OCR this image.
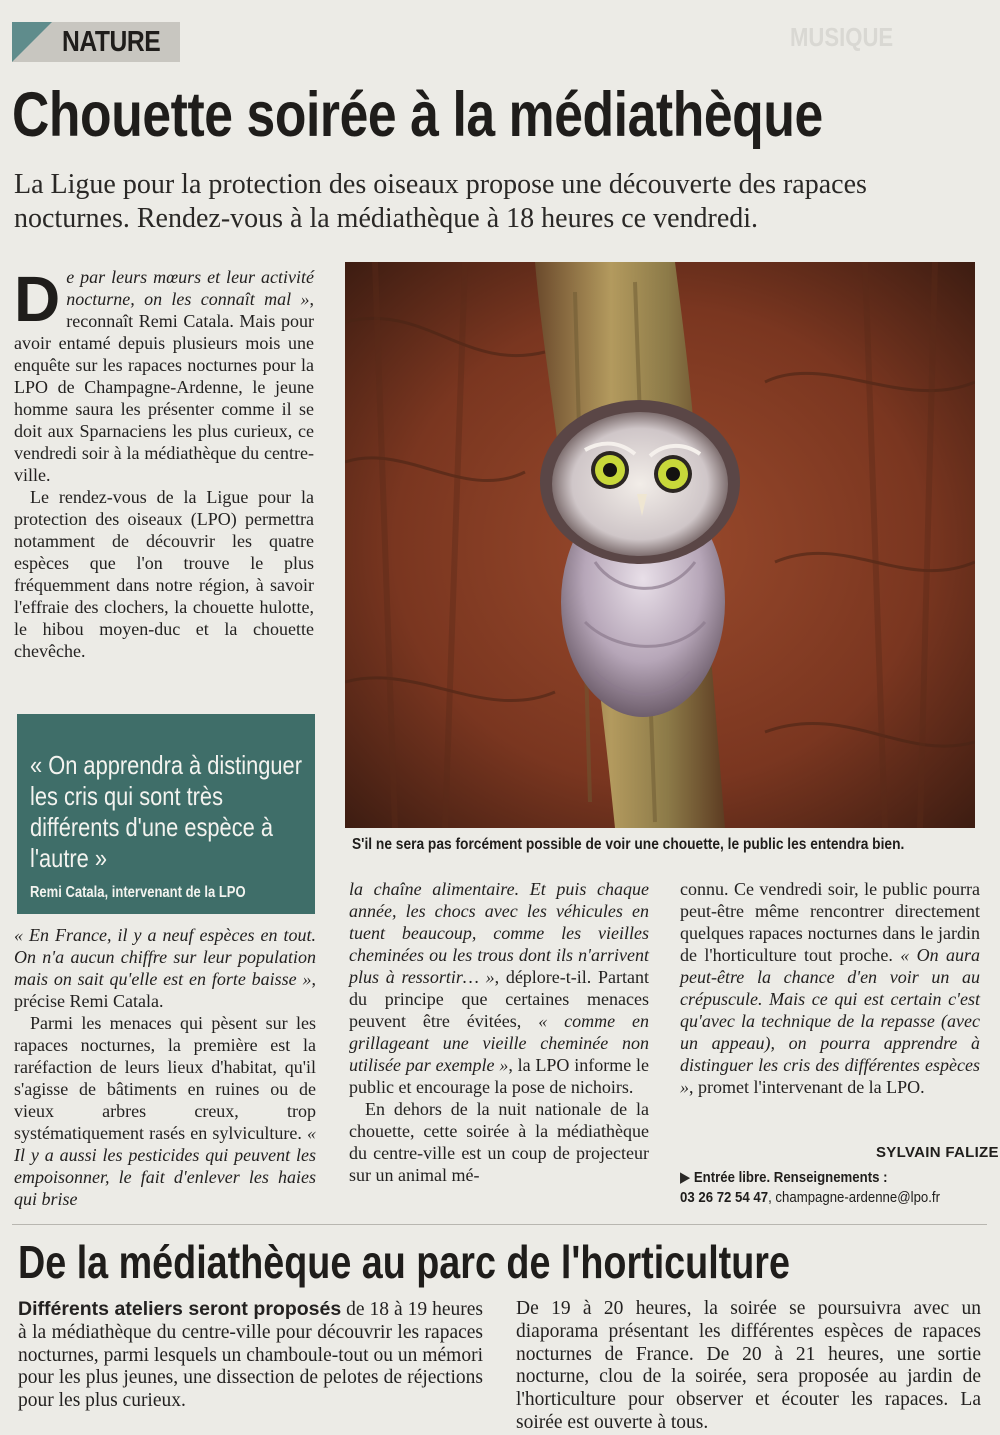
NATURE	MUSIQUE
Chouette soirée à la médiathèque
La Ligue pour la protection des oiseaux propose une découverte des rapaces nocturnes. Rendez-vous à la médiathèque à 18 heures ce vendredi.

De par leurs mœurs et leur activité nocturne, on les connaît mal », reconnaît Remi Catala. Mais pour avoir entamé depuis plusieurs mois une enquête sur les rapaces nocturnes pour la LPO de Champagne-Ardenne, le jeune homme saura les présenter comme il se doit aux Sparnaciens les plus curieux, ce vendredi soir à la médiathèque du centre-ville.

Le rendez-vous de la Ligue pour la protection des oiseaux (LPO) permettra notamment de découvrir les quatre espèces que l'on trouve le plus fréquemment dans notre région, à savoir l'effraie des clochers, la chouette hulotte, le hibou moyen-duc et la chouette chevêche.

« On apprendra à distinguer les cris qui sont très différents d'une espèce à l'autre »
Remi Catala, intervenant de la LPO

« En France, il y a neuf espèces en tout. On n'a aucun chiffre sur leur population mais on sait qu'elle est en forte baisse », précise Remi Catala.

Parmi les menaces qui pèsent sur les rapaces nocturnes, la première est la raréfaction de leurs lieux d'habitat, qu'il s'agisse de bâtiments en ruines ou de vieux arbres creux, trop systématiquement rasés en sylviculture. « Il y a aussi les pesticides qui peuvent les empoisonner, le fait d'enlever les haies qui brise

S'il ne sera pas forcément possible de voir une chouette, le public les entendra bien.

la chaîne alimentaire. Et puis chaque année, les chocs avec les véhicules en tuent beaucoup, comme les vieilles cheminées ou les trous dont ils n'arrivent plus à ressortir… », déplore-t-il. Partant du principe que certaines menaces peuvent être évitées, « comme en grillageant une vieille cheminée non utilisée par exemple », la LPO informe le public et encourage la pose de nichoirs.

En dehors de la nuit nationale de la chouette, cette soirée à la médiathèque du centre-ville est un coup de projecteur sur un animal mé-

connu. Ce vendredi soir, le public pourra peut-être même rencontrer directement quelques rapaces nocturnes dans le jardin de l'horticulture tout proche. « On aura peut-être la chance d'en voir un au crépuscule. Mais ce qui est certain c'est qu'avec la technique de la repasse (avec un appeau), on pourra apprendre à distinguer les cris des différentes espèces », promet l'intervenant de la LPO.

SYLVAIN FALIZE
▶ Entrée libre. Renseignements :
03 26 72 54 47, champagne-ardenne@lpo.fr
De la médiathèque au parc de l'horticulture
Différents ateliers seront proposés de 18 à 19 heures à la médiathèque du centre-ville pour découvrir les rapaces nocturnes, parmi lesquels un chamboule-tout ou un mémori pour les plus jeunes, une dissection de pelotes de réjections pour les plus curieux.
De 19 à 20 heures, la soirée se poursuivra avec un diaporama présentant les différentes espèces de rapaces nocturnes de France. De 20 à 21 heures, une sortie nocturne, clou de la soirée, sera proposée au jardin de l'horticulture pour observer et écouter les rapaces. La soirée est ouverte à tous.
